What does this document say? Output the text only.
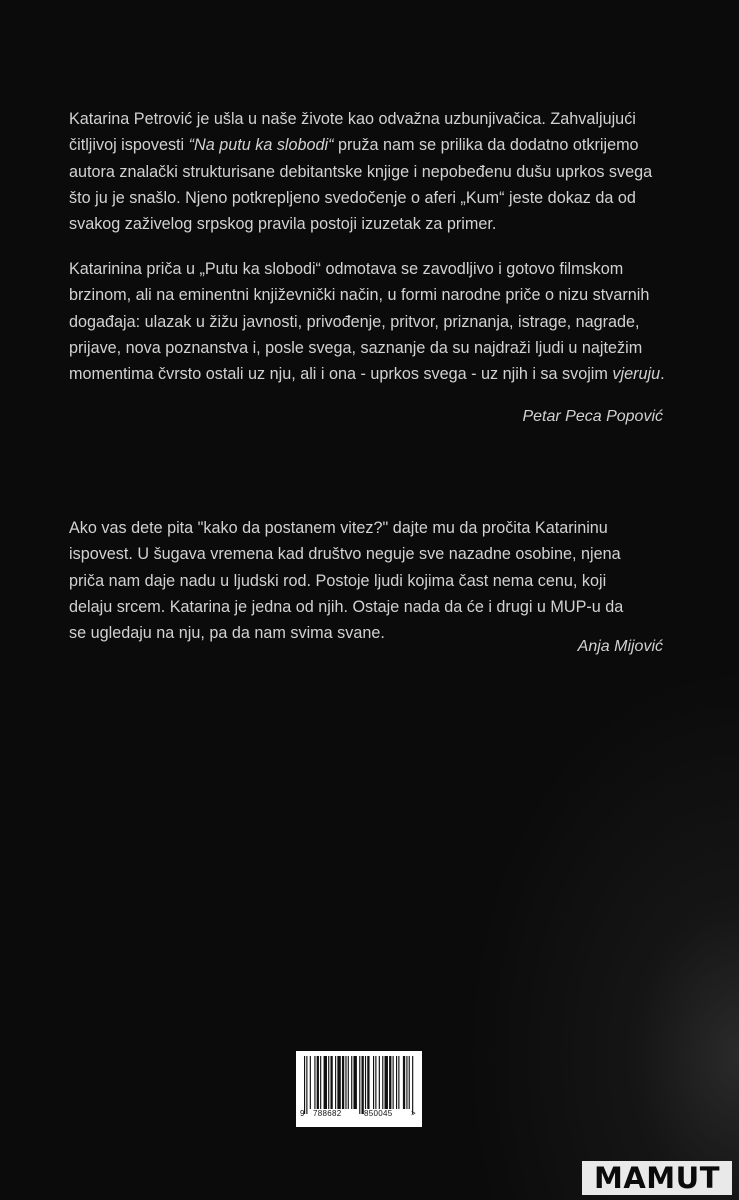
Katarina Petrović je ušla u naše živote kao odvažna uzbunjivačica. Zahvaljujući
čitljivoj ispovesti “Na putu ka slobodi“ pruža nam se prilika da dodatno otkrijemo
autora znalački strukturisane debitantske knjige i nepobeđenu dušu uprkos svega
što ju je snašlo. Njeno potkrepljeno svedočenje o aferi „Kum“ jeste dokaz da od
svakog zaživelog srpskog pravila postoji izuzetak za primer.
Katarinina priča u „Putu ka slobodi“ odmotava se zavodljivo i gotovo filmskom
brzinom, ali na eminentni književnički način, u formi narodne priče o nizu stvarnih
događaja: ulazak u žižu javnosti, privođenje, pritvor, priznanja, istrage, nagrade,
prijave, nova poznanstva i, posle svega, saznanje da su najdraži ljudi u najtežim
momentima čvrsto ostali uz nju, ali i ona - uprkos svega - uz njih i sa svojim vjeruju.
Petar Peca Popović
Ako vas dete pita "kako da postanem vitez?" dajte mu da pročita Katarininu
ispovest. U šugava vremena kad društvo neguje sve nazadne osobine, njena
priča nam daje nadu u ljudski rod. Postoje ljudi kojima čast nema cenu, koji
delaju srcem. Katarina je jedna od njih. Ostaje nada da će i drugi u MUP-u da
se ugledaju na nju, pa da nam svima svane.
Anja Mijović
9 788682	850045 >
MAMUT
